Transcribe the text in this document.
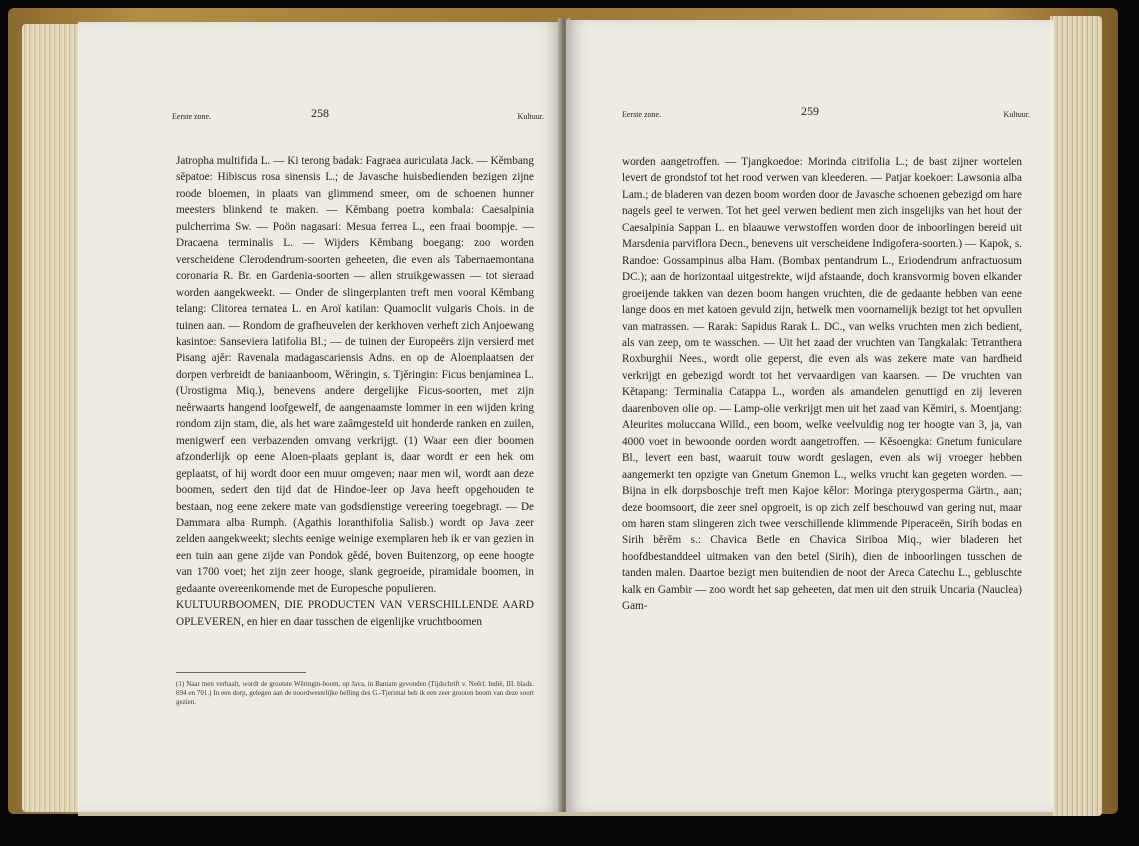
Eerste zone.	258	Kultuur.

Jatropha multifida L. — Ki terong badak: Fagraea auriculata Jack. — Kĕmbang sĕpatoe: Hibiscus rosa sinensis L.; de Javasche huisbedienden bezigen zijne roode bloemen, in plaats van glimmend smeer, om de schoenen hunner meesters blinkend te maken. — Kĕmbang poetra kombala: Caesalpinia pulcherrima Sw. — Poön nagasari: Mesua ferrea L., een fraai boompje. — Dracaena terminalis L. — Wijders Kĕmbang boegang: zoo worden verscheidene Clerodendrum-soorten geheeten, die even als Tabernaemontana coronaria R. Br. en Gardenia-soorten — allen struikgewassen — tot sieraad worden aangekweekt. — Onder de slingerplanten treft men vooral Kĕmbang telang: Clitorea ternatea L. en Aroï katilan: Quamoclit vulgaris Chois. in de tuinen aan. — Rondom de grafheuvelen der kerkhoven verheft zich Anjoewang kasintoe: Sanseviera latifolia Bl.; — de tuinen der Europeërs zijn versierd met Pisang ajĕr: Ravenala madagascariensis Adns. en op de Aloenplaatsen der dorpen verbreidt de baniaanboom, Wĕringin, s. Tjĕringin: Ficus benjaminea L. (Urostigma Miq.), benevens andere dergelijke Ficus-soorten, met zijn neêrwaarts hangend loofgewelf, de aangenaamste lommer in een wijden kring rondom zijn stam, die, als het ware zaâmgesteld uit honderde ranken en zuilen, menigwerf een verbazenden omvang verkrijgt. (1) Waar een dier boomen afzonderlijk op eene Aloen-plaats geplant is, daar wordt er een hek om geplaatst, of hij wordt door een muur omgeven; naar men wil, wordt aan deze boomen, sedert den tijd dat de Hindoe-leer op Java heeft opgehouden te bestaan, nog eene zekere mate van godsdienstige vereering toegebragt. — De Dammara alba Rumph. (Agathis loranthifolia Salisb.) wordt op Java zeer zelden aangekweekt; slechts eenige weinige exemplaren heb ik er van gezien in een tuin aan gene zijde van Pondok gĕdé, boven Buitenzorg, op eene hoogte van 1700 voet; het zijn zeer hooge, slank gegroeide, piramidale boomen, in gedaante overeenkomende met de Europesche populieren.

KULTUURBOOMEN, DIE PRODUCTEN VAN VERSCHILLENDE AARD OPLEVEREN, en hier en daar tusschen de eigenlijke vruchtboomen

(1) Naar men verhaalt, wordt de grootste Wĕringin-boom, op Java, in Bantam gevonden (Tijdschrift v. Neêrl. Indië, III. bladz. 694 en 701.) In een dorp, gelegen aan de noordwestelijke helling des G.-Tjerimai heb ik een zeer grooten boom van deze soort gezien.

Eerste zone.	259	Kultuur.

worden aangetroffen. — Tjangkoedoe: Morinda citrifolia L.; de bast zijner wortelen levert de grondstof tot het rood verwen van kleederen. — Patjar koekoer: Lawsonia alba Lam.; de bladeren van dezen boom worden door de Javasche schoenen gebezigd om hare nagels geel te verwen. Tot het geel verwen bedient men zich insgelijks van het hout der Caesalpinia Sappan L. en blaauwe verwstoffen worden door de inboorlingen bereid uit Marsdenia parviflora Decn., benevens uit verscheidene Indigofera-soorten.) — Kapok, s. Randoe: Gossampinus alba Ham. (Bombax pentandrum L., Eriodendrum anfractuosum DC.); aan de horizontaal uitgestrekte, wijd afstaande, doch kransvormig boven elkander groeijende takken van dezen boom hangen vruchten, die de gedaante hebben van eene lange doos en met katoen gevuld zijn, hetwelk men voornamelijk bezigt tot het opvullen van matrassen. — Rarak: Sapidus Rarak L. DC., van welks vruchten men zich bedient, als van zeep, om te wasschen. — Uit het zaad der vruchten van Tangkalak: Tetranthera Roxburghii Nees., wordt olie geperst, die even als was zekere mate van hardheid verkrijgt en gebezigd wordt tot het vervaardigen van kaarsen. — De vruchten van Kĕtapang: Terminalia Catappa L., worden als amandelen genuttigd en zij leveren daarenboven olie op. — Lamp-olie verkrijgt men uit het zaad van Kĕmiri, s. Moentjang: Aleurites moluccana Willd., een boom, welke veelvuldig nog ter hoogte van 3, ja, van 4000 voet in bewoonde oorden wordt aangetroffen. — Kĕsoengka: Gnetum funiculare Bl., levert een bast, waaruit touw wordt geslagen, even als wij vroeger hebben aangemerkt ten opzigte van Gnetum Gnemon L., welks vrucht kan gegeten worden. — Bijna in elk dorpsboschje treft men Kajoe kĕlor: Moringa pterygosperma Gärtn., aan; deze boomsoort, die zeer snel opgroeit, is op zich zelf beschouwd van gering nut, maar om haren stam slingeren zich twee verschillende klimmende Piperaceën, Sirih bodas en Sirih bĕrĕm s.: Chavica Betle en Chavica Siriboa Miq., wier bladeren het hoofdbestanddeel uitmaken van den betel (Sirih), dien de inboorlingen tusschen de tanden malen. Daartoe bezigt men buitendien de noot der Areca Catechu L., gebluschte kalk en Gambir — zoo wordt het sap geheeten, dat men uit den struik Uncaria (Nauclea) Gam-
